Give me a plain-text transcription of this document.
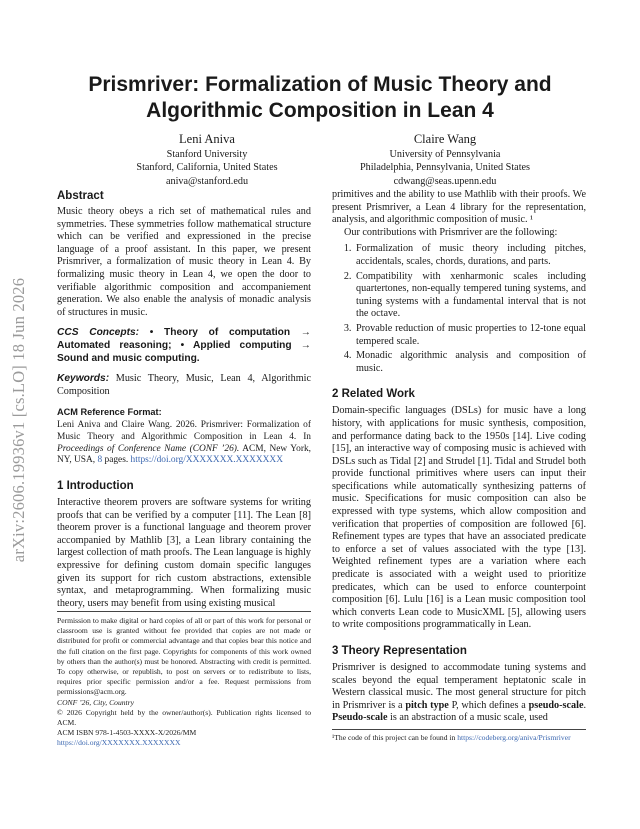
arXiv:2606.19936v1 [cs.LO] 18 Jun 2026
Prismriver: Formalization of Music Theory and
Algorithmic Composition in Lean 4
Leni Aniva
Stanford University
Stanford, California, United States
aniva@stanford.edu
Claire Wang
University of Pennsylvania
Philadelphia, Pennsylvania, United States
cdwang@seas.upenn.edu
Abstract

Music theory obeys a rich set of mathematical rules and symmetries. These symmetries follow mathematical structure which can be verified and expressioned in the precise language of a proof assistant. In this paper, we present Prismriver, a formalization of music theory in Lean 4. By formalizing music theory in Lean 4, we open the door to verifiable algorithmic composition and accompaniement generation. We also enable the analysis of monadic analysis of structures in music.

CCS Concepts: • Theory of computation → Automated reasoning; • Applied computing → Sound and music computing.

Keywords: Music Theory, Music, Lean 4, Algorithmic Composition

ACM Reference Format:

Leni Aniva and Claire Wang. 2026. Prismriver: Formalization of Music Theory and Algorithmic Composition in Lean 4. In Proceedings of Conference Name (CONF ’26). ACM, New York, NY, USA, 8 pages. https://doi.org/XXXXXXX.XXXXXXX

1 Introduction

Interactive theorem provers are software systems for writing proofs that can be verified by a computer [11]. The Lean [8] theorem prover is a functional language and theorem prover accompanied by Mathlib [3], a Lean library containing the largest collection of math proofs. The Lean language is highly expressive for defining custom domain specific languges given its support for rich custom abstractions, extensible syntax, and metaprogramming. When formalizing music theory, users may benefit from using existing musical

Permission to make digital or hard copies of all or part of this work for personal or classroom use is granted without fee provided that copies are not made or distributed for profit or commercial advantage and that copies bear this notice and the full citation on the first page. Copyrights for components of this work owned by others than the author(s) must be honored. Abstracting with credit is permitted. To copy otherwise, or republish, to post on servers or to redistribute to lists, requires prior specific permission and/or a fee. Request permissions from permissions@acm.org.

CONF ’26, City, Country

© 2026 Copyright held by the owner/author(s). Publication rights licensed to ACM.

ACM ISBN 978-1-4503-XXXX-X/2026/MM

https://doi.org/XXXXXXX.XXXXXXX

primitives and the ability to use Mathlib with their proofs. We present Prismriver, a Lean 4 library for the representation, analysis, and algorithmic composition of music. ¹

Our contributions with Prismriver are the following:

1. Formalization of music theory including pitches, accidentals, scales, chords, durations, and parts.
2. Compatibility with xenharmonic scales including quartertones, non-equally tempered tuning systems, and tuning systems with a fundamental interval that is not the octave.
3. Provable reduction of music properties to 12-tone equal tempered scale.
4. Monadic algorithmic analysis and composition of music.
2 Related Work

Domain-specific languages (DSLs) for music have a long history, with applications for music synthesis, composition, and performance dating back to the 1950s [14]. Live coding [15], an interactive way of composing music is achieved with DSLs such as Tidal [2] and Strudel [1]. Tidal and Strudel both provide functional primitives where users can input their specifications while automatically synthesizing patterns of music. Specifications for music composition can also be expressed with type systems, which allow composition and verification that properties of composition are followed [6]. Refinement types are types that have an associated predicate to enforce a set of values associated with the type [13]. Weighted refinement types are a variation where each predicate is associated with a weight used to prioritize predicates, which can be used to enforce counterpoint composition [6]. Lulu [16] is a Lean music composition tool which converts Lean code to MusicXML [5], allowing users to write compositions programmatically in Lean.

3 Theory Representation

Prismriver is designed to accommodate tuning systems and scales beyond the equal temperament heptatonic scale in Western classical music. The most general structure for pitch in Prismriver is a pitch type P, which defines a pseudo-scale. Pseudo-scale is an abstraction of a music scale, used

¹The code of this project can be found in https://codeberg.org/aniva/Prismriver
